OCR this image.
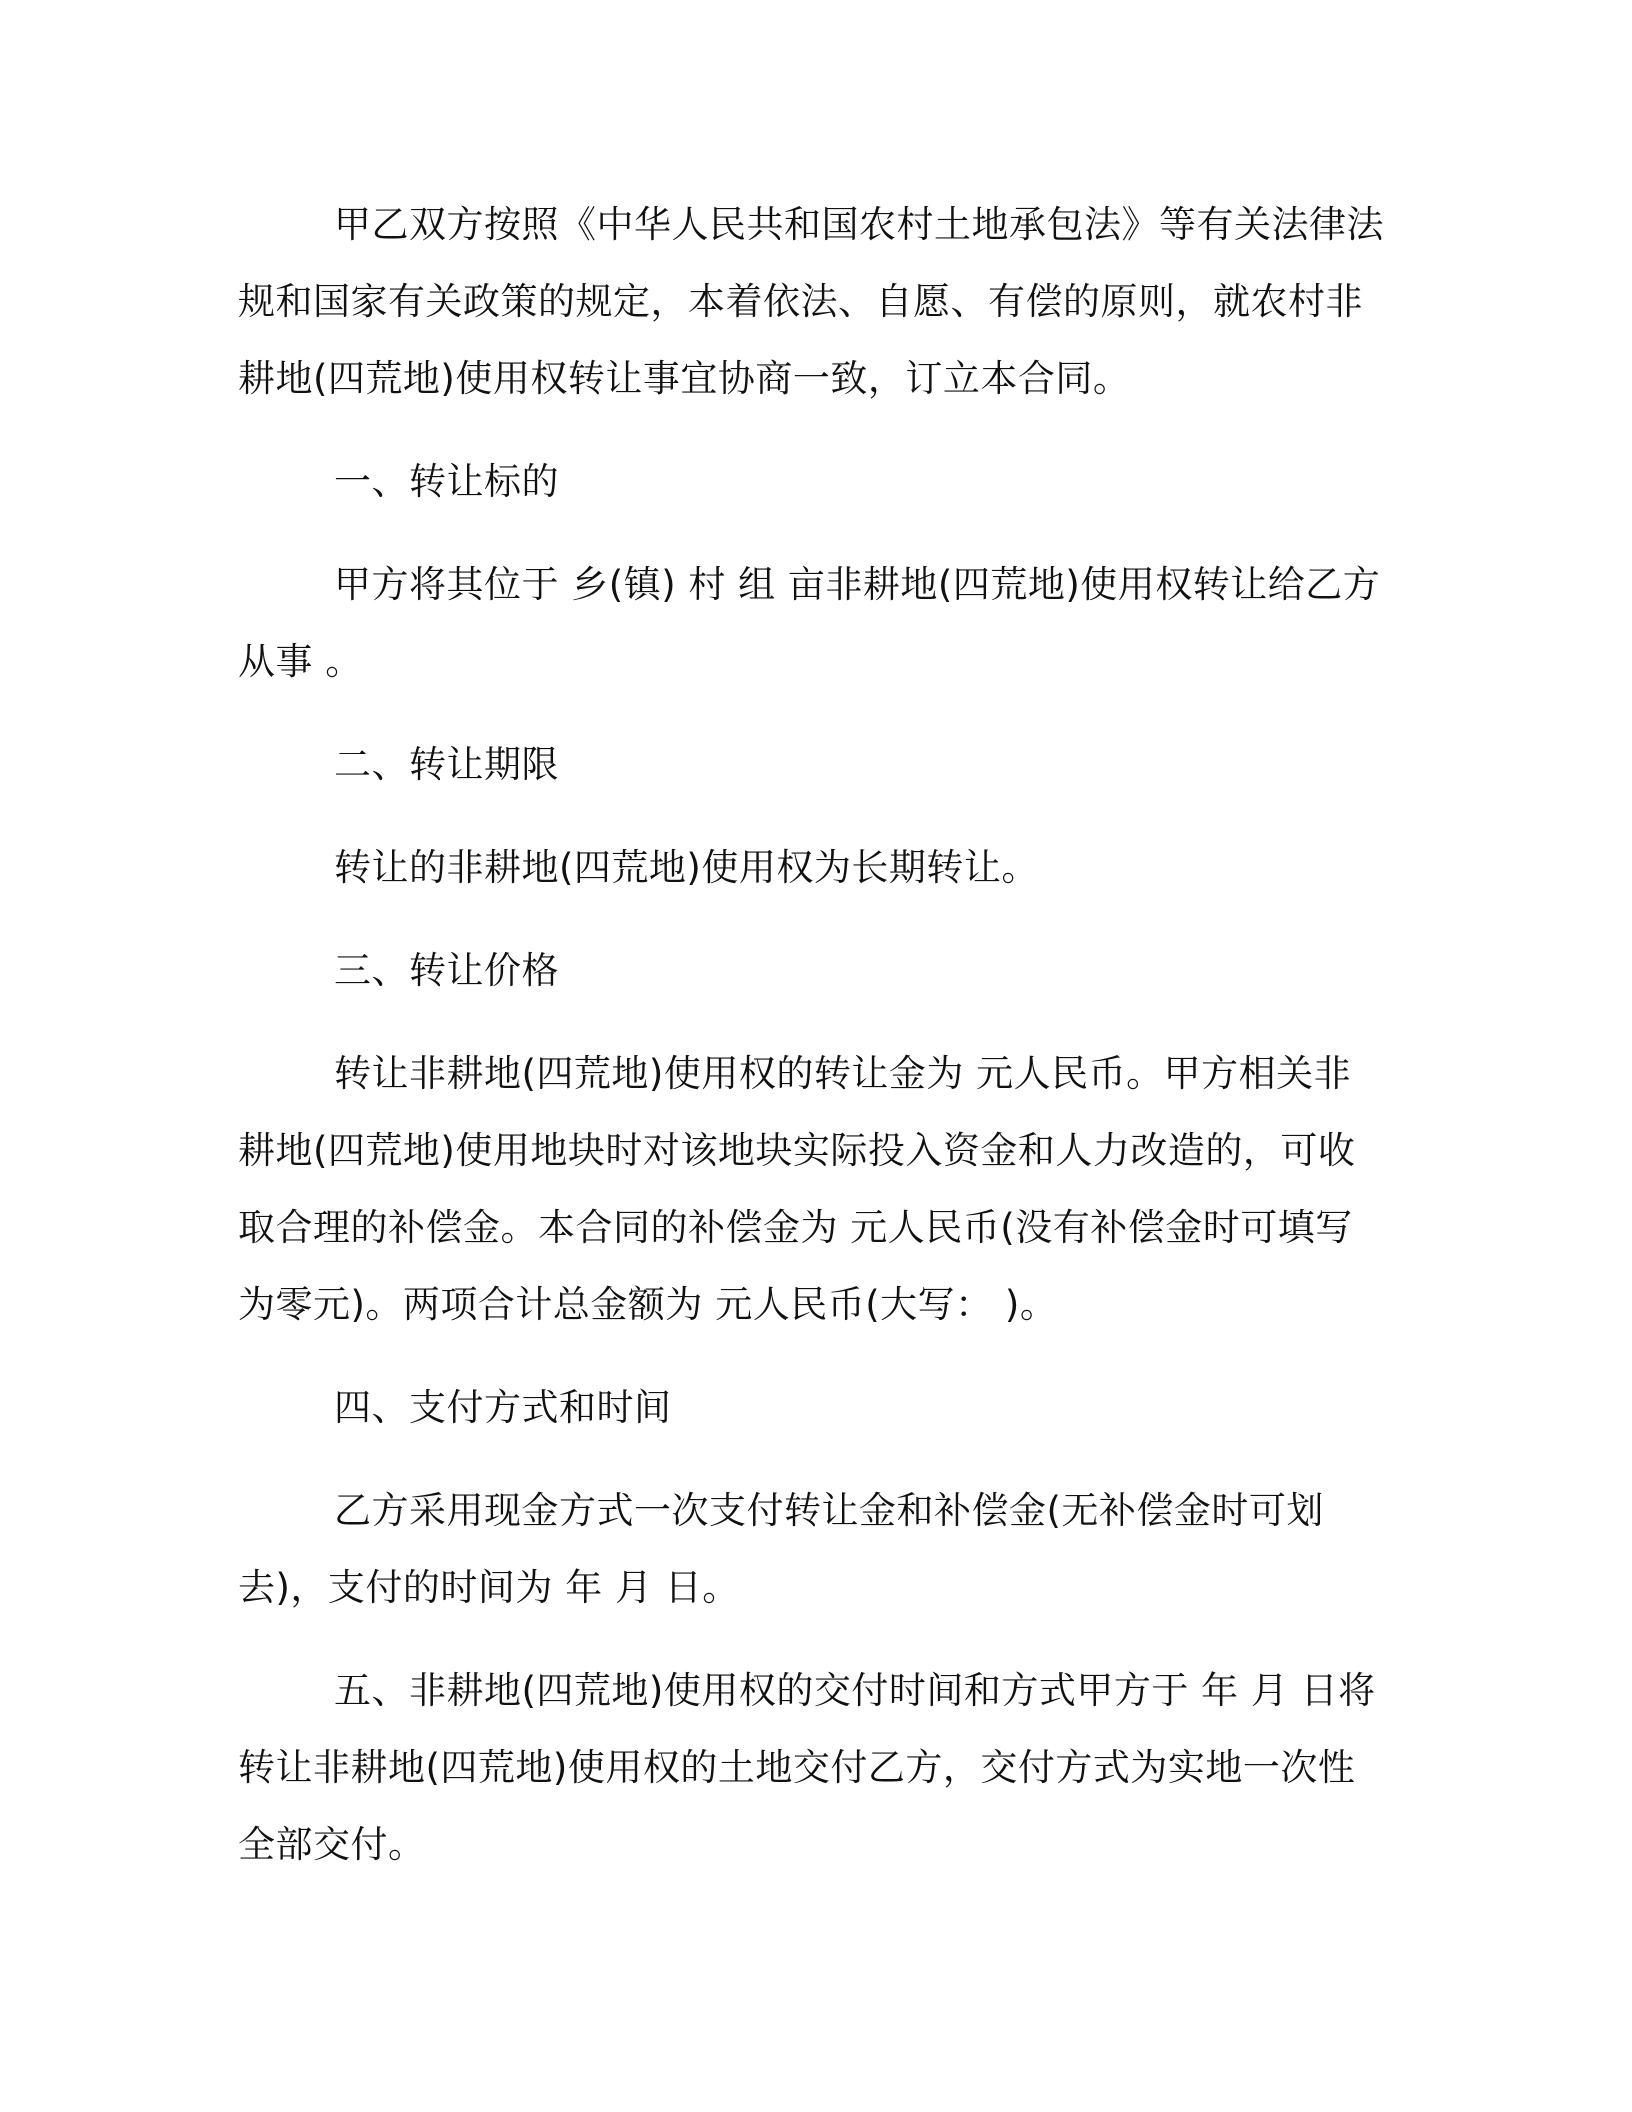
甲乙双方按照《中华人民共和国农村土地承包法》等有关法律法规和国家有关政策的规定，本着依法、自愿、有偿的原则，就农村非耕地(四荒地)使用权转让事宜协商一致，订立本合同。

一、转让标的

甲方将其位于 乡(镇) 村 组 亩非耕地(四荒地)使用权转让给乙方从事 。

二、转让期限

转让的非耕地(四荒地)使用权为长期转让。

三、转让价格

转让非耕地(四荒地)使用权的转让金为 元人民币。甲方相关非耕地(四荒地)使用地块时对该地块实际投入资金和人力改造的，可收取合理的补偿金。本合同的补偿金为 元人民币(没有补偿金时可填写为零元)。两项合计总金额为 元人民币(大写： )。

四、支付方式和时间

乙方采用现金方式一次支付转让金和补偿金(无补偿金时可划去)，支付的时间为 年 月 日。

五、非耕地(四荒地)使用权的交付时间和方式甲方于 年 月 日将转让非耕地(四荒地)使用权的土地交付乙方，交付方式为实地一次性全部交付。
